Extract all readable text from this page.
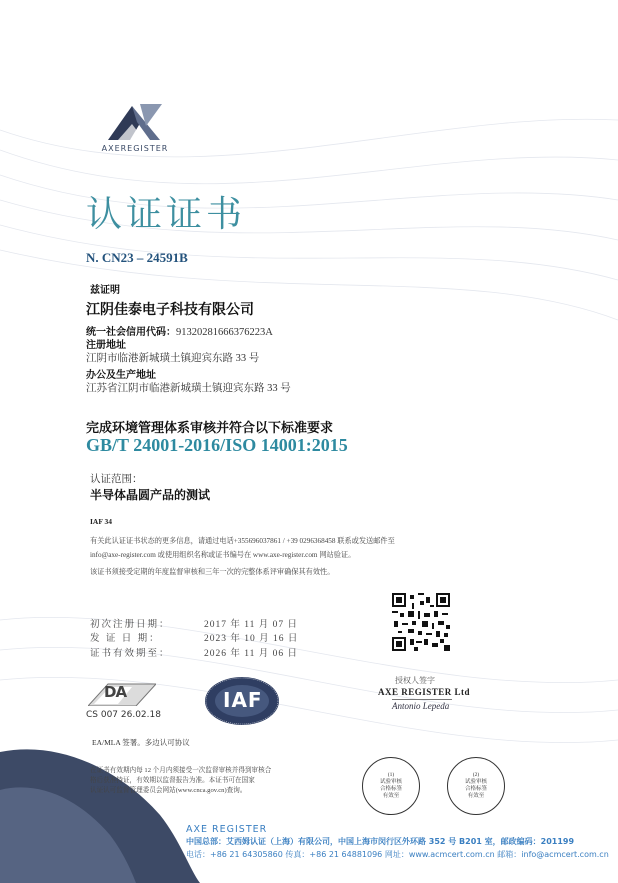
AXEREGISTER
认证证书
N. CN23 – 24591B
兹证明
江阴佳泰电子科技有限公司
统一社会信用代码：91320281666376223A
注册地址
江阴市临港新城璜土镇迎宾东路 33 号
办公及生产地址
江苏省江阴市临港新城璜土镇迎宾东路 33 号
完成环境管理体系审核并符合以下标准要求
GB/T 24001-2016/ISO 14001:2015
认证范围：
半导体晶圆产品的测试
IAF 34
有关此认证证书状态的更多信息，请通过电话+355696037861 / +39 0296368458 联系或发送邮件至
info@axe-register.com 或使用组织名称或证书编号在 www.axe-register.com 网站验证。
该证书须接受定期的年度监督审核和三年一次的完整体系评审确保其有效性。
初次注册日期：	2017 年 11 月 07 日
发 证 日 期：	2023 年 10 月 16 日
证书有效期至：	2026 年 11 月 06 日
授权人签字
AXE REGISTER Ltd
Antonio Lepeda
DA
CS 007 26.02.18
IAF
EA/MLA 签署。多边认可协议
在证书有效期内每 12 个月内须接受一次监督审核并得到审核合
格后获准持证，有效期以监督报告为准。本证书可在国家
认证认可监督管理委员会网站(www.cnca.gov.cn)查询。
(1)
试验审核
合格标签
有效至
(2)
试验审核
合格标签
有效至
AXE REGISTER
中国总部：艾西姆认证（上海）有限公司，中国上海市闵行区外环路 352 号 B201 室，邮政编码：201199
电话：+86 21 64305860 传真：+86 21 64881096 网址：www.acmcert.com.cn 邮箱：info@acmcert.com.cn
